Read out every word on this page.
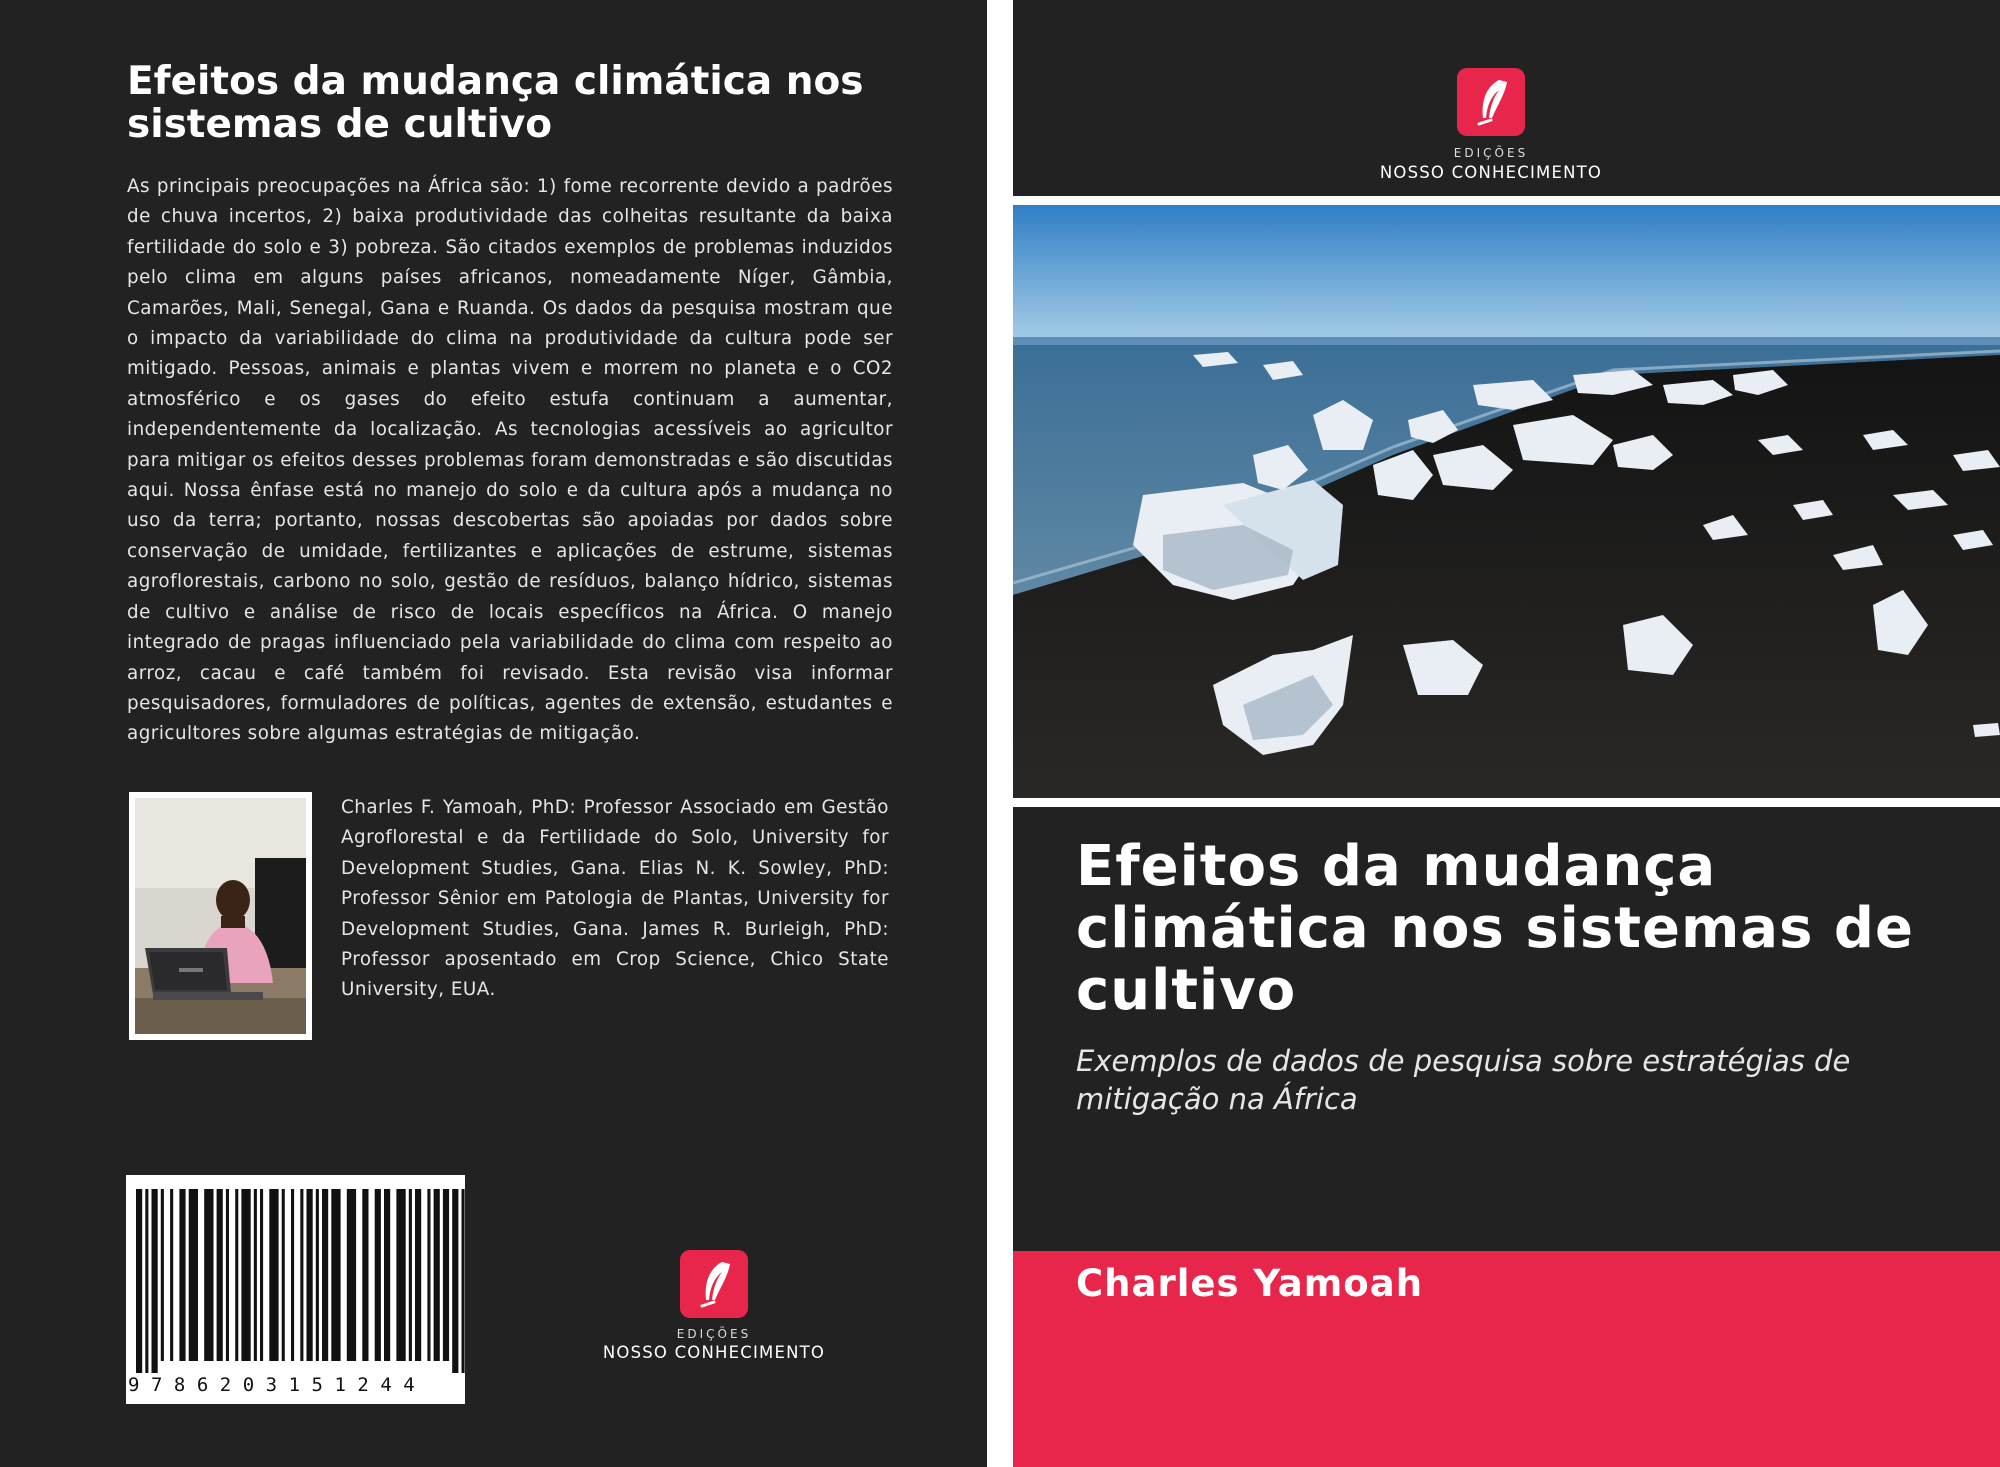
Efeitos da mudança climática nos sistemas de cultivo

As principais preocupações na África são: 1) fome recorrente devido a padrões de chuva incertos, 2) baixa produtividade das colheitas resultante da baixa fertilidade do solo e 3) pobreza. São citados exemplos de problemas induzidos pelo clima em alguns países africanos, nomeadamente Níger, Gâmbia, Camarões, Mali, Senegal, Gana e Ruanda. Os dados da pesquisa mostram que o impacto da variabilidade do clima na produtividade da cultura pode ser mitigado. Pessoas, animais e plantas vivem e morrem no planeta e o CO2 atmosférico e os gases do efeito estufa continuam a aumentar, independentemente da localização. As tecnologias acessíveis ao agricultor para mitigar os efeitos desses problemas foram demonstradas e são discutidas aqui. Nossa ênfase está no manejo do solo e da cultura após a mudança no uso da terra; portanto, nossas descobertas são apoiadas por dados sobre conservação de umidade, fertilizantes e aplicações de estrume, sistemas agroflorestais, carbono no solo, gestão de resíduos, balanço hídrico, sistemas de cultivo e análise de risco de locais específicos na África. O manejo integrado de pragas influenciado pela variabilidade do clima com respeito ao arroz, cacau e café também foi revisado. Esta revisão visa informar pesquisadores, formuladores de políticas, agentes de extensão, estudantes e agricultores sobre algumas estratégias de mitigação.

Charles F. Yamoah, PhD: Professor Associado em Gestão Agroflorestal e da Fertilidade do Solo, University for Development Studies, Gana. Elias N. K. Sowley, PhD: Professor Sênior em Patologia de Plantas, University for Development Studies, Gana. James R. Burleigh, PhD: Professor aposentado em Crop Science, Chico State University, EUA.

9786203151244
EDIÇÕES
NOSSO CONHECIMENTO
EDIÇÕES
NOSSO CONHECIMENTO
Efeitos da mudança climática nos sistemas de cultivo

Exemplos de dados de pesquisa sobre estratégias de mitigação na África

Charles Yamoah
